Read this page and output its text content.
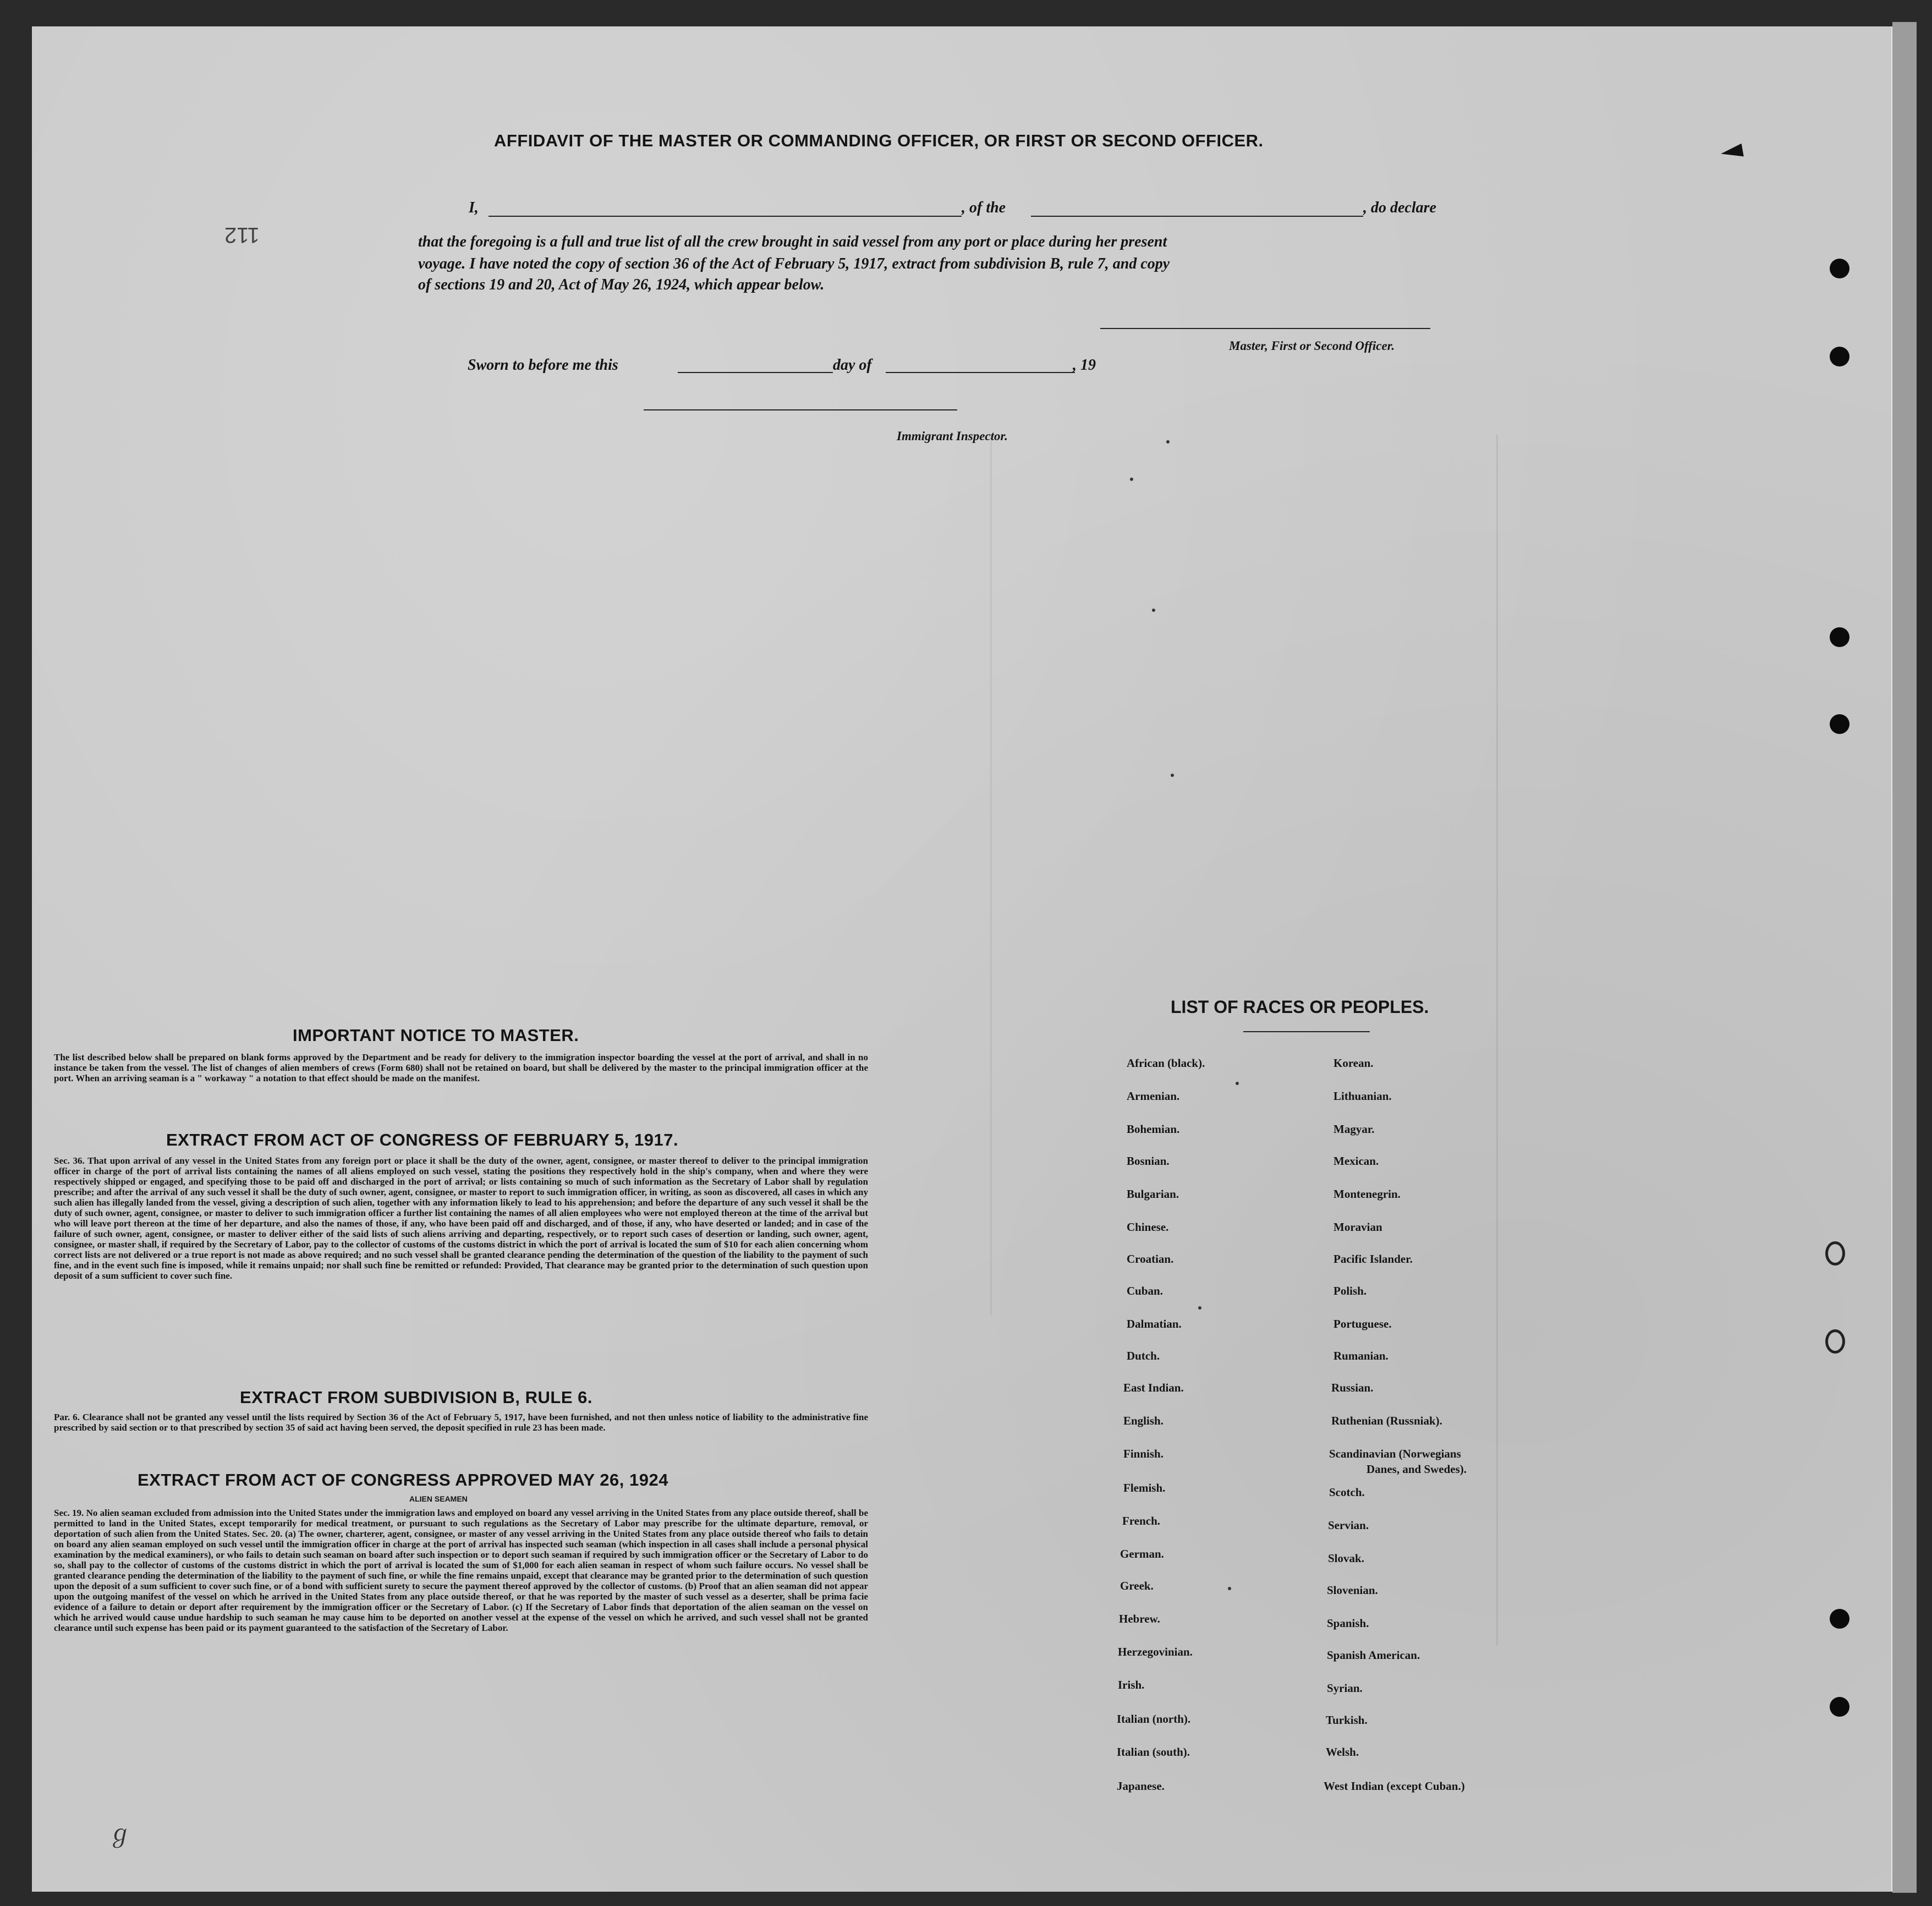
112
AFFIDAVIT OF THE MASTER OR COMMANDING OFFICER, OR FIRST OR SECOND OFFICER.
I,	, of the	, do declare
that the foregoing is a full and true list of all the crew brought in said vessel from any port or place during her present
voyage. I have noted the copy of section 36 of the Act of February 5, 1917, extract from subdivision B, rule 7, and copy
of sections 19 and 20, Act of May 26, 1924, which appear below.
Master, First or Second Officer.
Sworn to before me this	day of	, 19
Immigrant Inspector.
IMPORTANT NOTICE TO MASTER.
The list described below shall be prepared on blank forms approved by the Department and be ready for delivery to the immigration inspector boarding the vessel at the port of arrival, and shall in no instance be taken from the vessel. The list of changes of alien members of crews (Form 680) shall not be retained on board, but shall be delivered by the master to the principal immigration officer at the port. When an arriving seaman is a " workaway " a notation to that effect should be made on the manifest.
EXTRACT FROM ACT OF CONGRESS OF FEBRUARY 5, 1917.
Sec. 36. That upon arrival of any vessel in the United States from any foreign port or place it shall be the duty of the owner, agent, consignee, or master thereof to deliver to the principal immigration officer in charge of the port of arrival lists containing the names of all aliens employed on such vessel, stating the positions they respectively hold in the ship's company, when and where they were respectively shipped or engaged, and specifying those to be paid off and discharged in the port of arrival; or lists containing so much of such information as the Secretary of Labor shall by regulation prescribe; and after the arrival of any such vessel it shall be the duty of such owner, agent, consignee, or master to report to such immigration officer, in writing, as soon as discovered, all cases in which any such alien has illegally landed from the vessel, giving a description of such alien, together with any information likely to lead to his apprehension; and before the departure of any such vessel it shall be the duty of such owner, agent, consignee, or master to deliver to such immigration officer a further list containing the names of all alien employees who were not employed thereon at the time of the arrival but who will leave port thereon at the time of her departure, and also the names of those, if any, who have been paid off and discharged, and of those, if any, who have deserted or landed; and in case of the failure of such owner, agent, consignee, or master to deliver either of the said lists of such aliens arriving and departing, respectively, or to report such cases of desertion or landing, such owner, agent, consignee, or master shall, if required by the Secretary of Labor, pay to the collector of customs of the customs district in which the port of arrival is located the sum of $10 for each alien concerning whom correct lists are not delivered or a true report is not made as above required; and no such vessel shall be granted clearance pending the determination of the question of the liability to the payment of such fine, and in the event such fine is imposed, while it remains unpaid; nor shall such fine be remitted or refunded: Provided, That clearance may be granted prior to the determination of such question upon deposit of a sum sufficient to cover such fine.
EXTRACT FROM SUBDIVISION B, RULE 6.
Par. 6. Clearance shall not be granted any vessel until the lists required by Section 36 of the Act of February 5, 1917, have been furnished, and not then unless notice of liability to the administrative fine prescribed by said section or to that prescribed by section 35 of said act having been served, the deposit specified in rule 23 has been made.
EXTRACT FROM ACT OF CONGRESS APPROVED MAY 26, 1924
ALIEN SEAMEN
Sec. 19. No alien seaman excluded from admission into the United States under the immigration laws and employed on board any vessel arriving in the United States from any place outside thereof, shall be permitted to land in the United States, except temporarily for medical treatment, or pursuant to such regulations as the Secretary of Labor may prescribe for the ultimate departure, removal, or deportation of such alien from the United States. Sec. 20. (a) The owner, charterer, agent, consignee, or master of any vessel arriving in the United States from any place outside thereof who fails to detain on board any alien seaman employed on such vessel until the immigration officer in charge at the port of arrival has inspected such seaman (which inspection in all cases shall include a personal physical examination by the medical examiners), or who fails to detain such seaman on board after such inspection or to deport such seaman if required by such immigration officer or the Secretary of Labor to do so, shall pay to the collector of customs of the customs district in which the port of arrival is located the sum of $1,000 for each alien seaman in respect of whom such failure occurs. No vessel shall be granted clearance pending the determination of the liability to the payment of such fine, or while the fine remains unpaid, except that clearance may be granted prior to the determination of such question upon the deposit of a sum sufficient to cover such fine, or of a bond with sufficient surety to secure the payment thereof approved by the collector of customs. (b) Proof that an alien seaman did not appear upon the outgoing manifest of the vessel on which he arrived in the United States from any place outside thereof, or that he was reported by the master of such vessel as a deserter, shall be prima facie evidence of a failure to detain or deport after requirement by the immigration officer or the Secretary of Labor. (c) If the Secretary of Labor finds that deportation of the alien seaman on the vessel on which he arrived would cause undue hardship to such seaman he may cause him to be deported on another vessel at the expense of the vessel on which he arrived, and such vessel shall not be granted clearance until such expense has been paid or its payment guaranteed to the satisfaction of the Secretary of Labor.
ℊ
LIST OF RACES OR PEOPLES.
African (black).
Armenian.
Bohemian.
Bosnian.
Bulgarian.
Chinese.
Croatian.
Cuban.
Dalmatian.
Dutch.
East Indian.
English.
Finnish.
Flemish.
French.
German.
Greek.
Hebrew.
Herzegovinian.
Irish.
Italian (north).
Italian (south).
Japanese.
Korean.
Lithuanian.
Magyar.
Mexican.
Montenegrin.
Moravian
Pacific Islander.
Polish.
Portuguese.
Rumanian.
Russian.
Ruthenian (Russniak).
Scandinavian (Norwegians
Danes, and Swedes).
Scotch.
Servian.
Slovak.
Slovenian.
Spanish.
Spanish American.
Syrian.
Turkish.
Welsh.
West Indian (except Cuban.)
